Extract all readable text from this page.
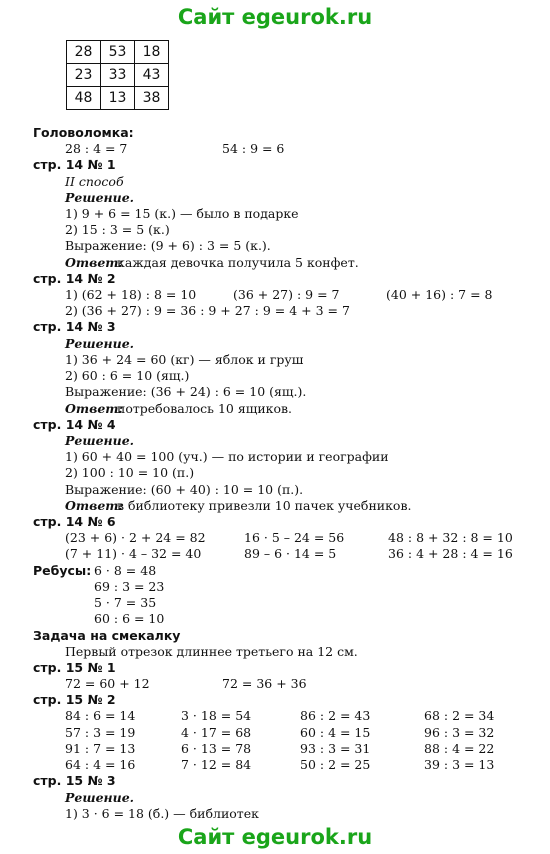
Сайт egeurok.ru
28	53	18
23	33	43
48	13	38
Головоломка:
28 : 4 = 7	54 : 9 = 6
стр. 14 № 1
II способ
Решение.
1) 9 + 6 = 15 (к.) — было в подарке
2) 15 : 3 = 5 (к.)
Выражение: (9 + 6) : 3 = 5 (к.).
Ответ:
каждая девочка получила 5 конфет.
стр. 14 № 2
1) (62 + 18) : 8 = 10	(36 + 27) : 9 = 7	(40 + 16) : 7 = 8
2) (36 + 27) : 9 = 36 : 9 + 27 : 9 = 4 + 3 = 7
стр. 14 № 3
Решение.
1) 36 + 24 = 60 (кг) — яблок и груш
2) 60 : 6 = 10 (ящ.)
Выражение: (36 + 24) : 6 = 10 (ящ.).
Ответ:
потребовалось 10 ящиков.
стр. 14 № 4
Решение.
1) 60 + 40 = 100 (уч.) — по истории и географии
2) 100 : 10 = 10 (п.)
Выражение: (60 + 40) : 10 = 10 (п.).
Ответ:
в библиотеку привезли 10 пачек учебников.
стр. 14 № 6
(23 + 6) · 2 + 24 = 82	16 · 5 – 24 = 56	48 : 8 + 32 : 8 = 10
(7 + 11) · 4 – 32 = 40	89 – 6 · 14 = 5	36 : 4 + 28 : 4 = 16
Ребусы: 6 · 8 = 48
69 : 3 = 23
5 · 7 = 35
60 : 6 = 10
Задача на смекалку
Первый отрезок длиннее третьего на 12 см.
стр. 15 № 1
72 = 60 + 12	72 = 36 + 36
стр. 15 № 2
84 : 6 = 14	3 · 18 = 54	86 : 2 = 43	68 : 2 = 34
57 : 3 = 19	4 · 17 = 68	60 : 4 = 15	96 : 3 = 32
91 : 7 = 13	6 · 13 = 78	93 : 3 = 31	88 : 4 = 22
64 : 4 = 16	7 · 12 = 84	50 : 2 = 25	39 : 3 = 13
стр. 15 № 3
Решение.
1) 3 · 6 = 18 (б.) — библиотек
Сайт egeurok.ru
